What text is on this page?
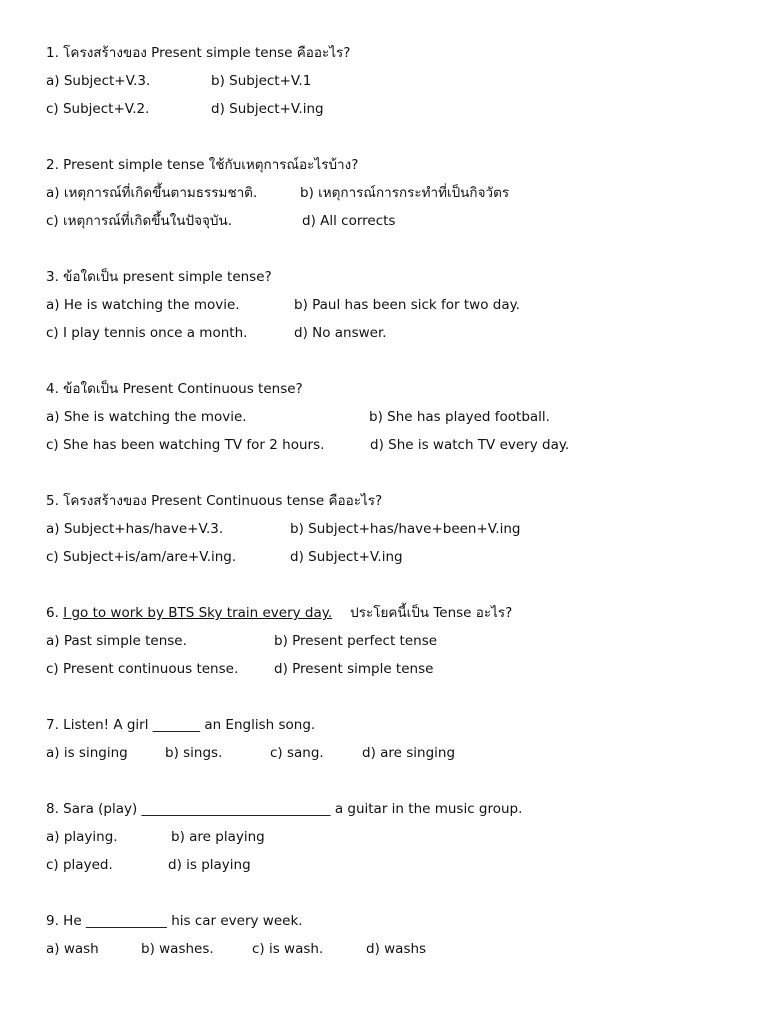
1. โครงสร้างของ Present simple tense คืออะไร?
a) Subject+V.3.	b) Subject+V.1
c) Subject+V.2.	d) Subject+V.ing
2. Present simple tense ใช้กับเหตุการณ์อะไรบ้าง?
a) เหตุการณ์ที่เกิดขึ้นตามธรรมชาติ.	b) เหตุการณ์การกระทำที่เป็นกิจวัตร
c) เหตุการณ์ที่เกิดขึ้นในปัจจุบัน.	d) All corrects
3. ข้อใดเป็น present simple tense?
a) He is watching the movie.	b) Paul has been sick for two day.
c) I play tennis once a month.	d) No answer.
4. ข้อใดเป็น Present Continuous tense?
a) She is watching the movie.	b) She has played football.
c) She has been watching TV for 2 hours.	d) She is watch TV every day.
5. โครงสร้างของ Present Continuous tense คืออะไร?
a) Subject+has/have+V.3.	b) Subject+has/have+been+V.ing
c) Subject+is/am/are+V.ing.	d) Subject+V.ing
6. I go to work by BTS Sky train every day. ประโยคนี้เป็น Tense อะไร?
a) Past simple tense.	b) Present perfect tense
c) Present continuous tense.	d) Present simple tense
7. Listen! A girl _______ an English song.
a) is singing	b) sings.	c) sang.	d) are singing
8. Sara (play) ____________________________ a guitar in the music group.
a) playing.	b) are playing
c) played.	d) is playing
9. He ____________ his car every week.
a) wash	b) washes.	c) is wash.	d) washs
